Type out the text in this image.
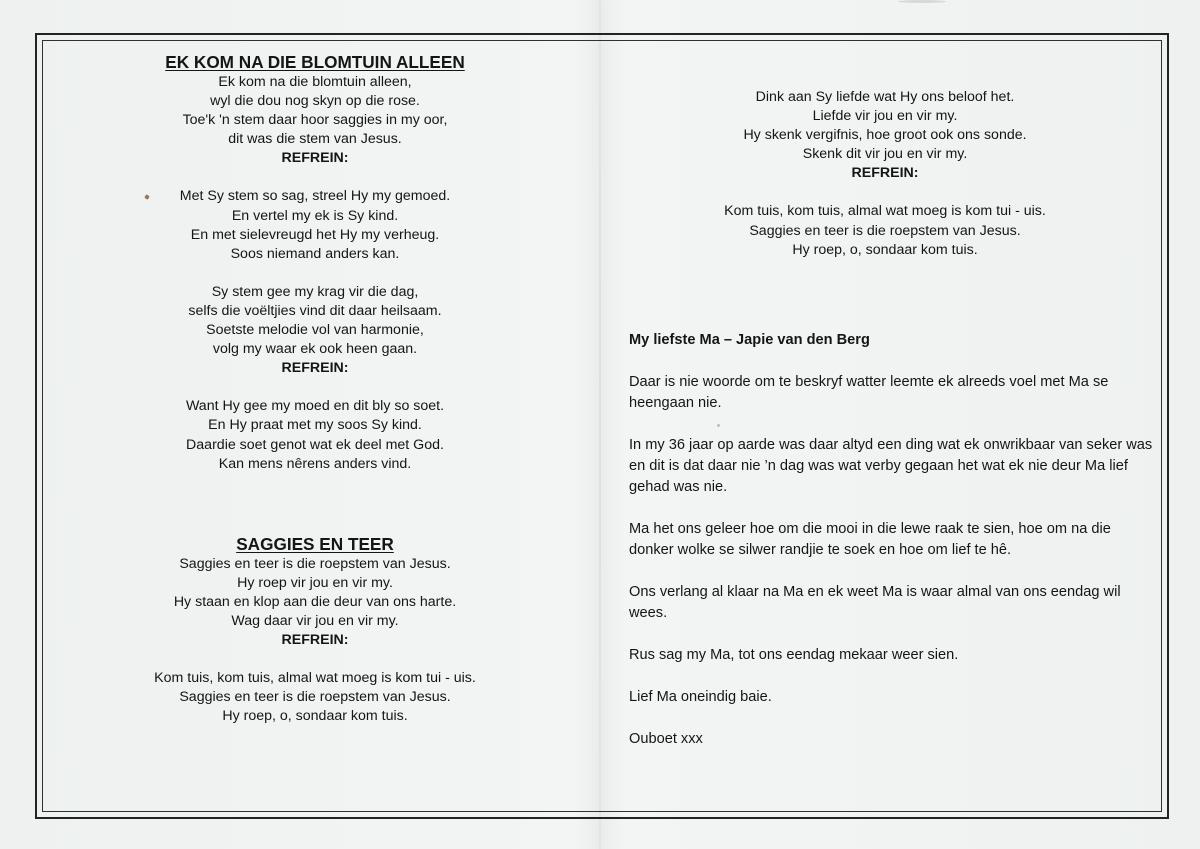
EK KOM NA DIE BLOMTUIN ALLEEN
Ek kom na die blomtuin alleen,
wyl die dou nog skyn op die rose.
Toe'k 'n stem daar hoor saggies in my oor,
dit was die stem van Jesus.
REFREIN:
Met Sy stem so sag, streel Hy my gemoed.
En vertel my ek is Sy kind.
En met sielevreugd het Hy my verheug.
Soos niemand anders kan.
Sy stem gee my krag vir die dag,
selfs die voëltjies vind dit daar heilsaam.
Soetste melodie vol van harmonie,
volg my waar ek ook heen gaan.
REFREIN:
Want Hy gee my moed en dit bly so soet.
En Hy praat met my soos Sy kind.
Daardie soet genot wat ek deel met God.
Kan mens nêrens anders vind.
SAGGIES EN TEER
Saggies en teer is die roepstem van Jesus.
Hy roep vir jou en vir my.
Hy staan en klop aan die deur van ons harte.
Wag daar vir jou en vir my.
REFREIN:
Kom tuis, kom tuis, almal wat moeg is kom tui - uis.
Saggies en teer is die roepstem van Jesus.
Hy roep, o, sondaar kom tuis.
Dink aan Sy liefde wat Hy ons beloof het.
Liefde vir jou en vir my.
Hy skenk vergifnis, hoe groot ook ons sonde.
Skenk dit vir jou en vir my.
REFREIN:
Kom tuis, kom tuis, almal wat moeg is kom tui - uis.
Saggies en teer is die roepstem van Jesus.
Hy roep, o, sondaar kom tuis.
My liefste Ma – Japie van den Berg

Daar is nie woorde om te beskryf watter leemte ek alreeds voel met Ma se heengaan nie.

In my 36 jaar op aarde was daar altyd een ding wat ek onwrikbaar van seker was en dit is dat daar nie ’n dag was wat verby gegaan het wat ek nie deur Ma lief gehad was nie.

Ma het ons geleer hoe om die mooi in die lewe raak te sien, hoe om na die donker wolke se silwer randjie te soek en hoe om lief te hê.

Ons verlang al klaar na Ma en ek weet Ma is waar almal van ons eendag wil wees.

Rus sag my Ma, tot ons eendag mekaar weer sien.

Lief Ma oneindig baie.

Ouboet xxx
